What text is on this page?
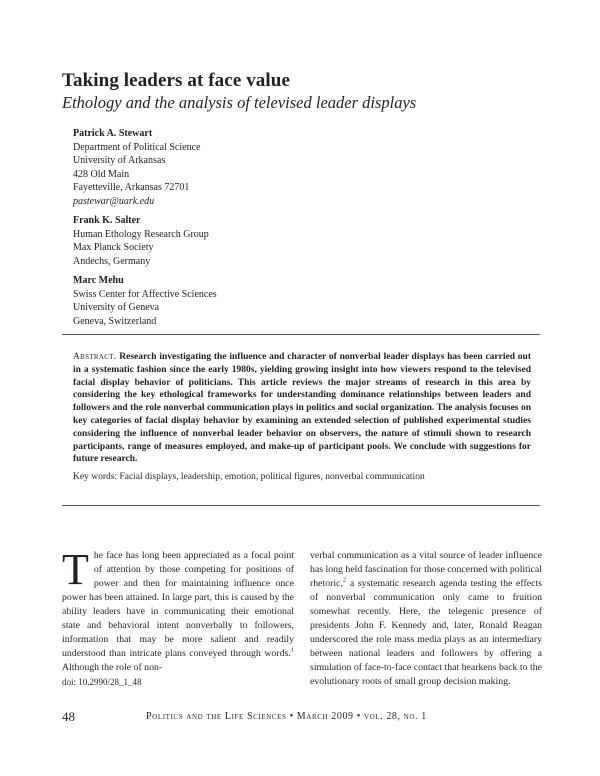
Taking leaders at face value
Ethology and the analysis of televised leader displays
Patrick A. Stewart
Department of Political Science
University of Arkansas
428 Old Main
Fayetteville, Arkansas 72701
pastewar@uark.edu
Frank K. Salter
Human Ethology Research Group
Max Planck Society
Andechs, Germany
Marc Mehu
Swiss Center for Affective Sciences
University of Geneva
Geneva, Switzerland
Abstract. Research investigating the influence and character of nonverbal leader displays has been carried out in a systematic fashion since the early 1980s, yielding growing insight into how viewers respond to the televised facial display behavior of politicians. This article reviews the major streams of research in this area by considering the key ethological frameworks for understanding dominance relationships between leaders and followers and the role nonverbal communication plays in politics and social organization. The analysis focuses on key categories of facial display behavior by examining an extended selection of published experimental studies considering the influence of nonverbal leader behavior on observers, the nature of stimuli shown to research participants, range of measures employed, and make-up of participant pools. We conclude with suggestions for future research.
Key words: Facial displays, leadership, emotion, political figures, nonverbal communication

T he face has long been appreciated as a focal point of attention by those competing for positions of power and then for maintaining influence once power has been attained. In large part, this is caused by the ability leaders have in communicating their emotional state and behavioral intent nonverbally to followers, information that may be more salient and readily understood than intricate plans conveyed through words.$^1$ Although the role of non-

verbal communication as a vital source of leader influence has long held fascination for those concerned with political rhetoric,$^2$ a systematic research agenda testing the effects of nonverbal communication only came to fruition somewhat recently. Here, the telegenic presence of presidents John F. Kennedy and, later, Ronald Reagan underscored the role mass media plays as an intermediary between national leaders and followers by offering a simulation of face-to-face contact that hearkens back to the evolutionary roots of small group decision making.

doi: 10.2990/28_1_48
48	Politics and the Life Sciences • March 2009 • vol. 28, no. 1
